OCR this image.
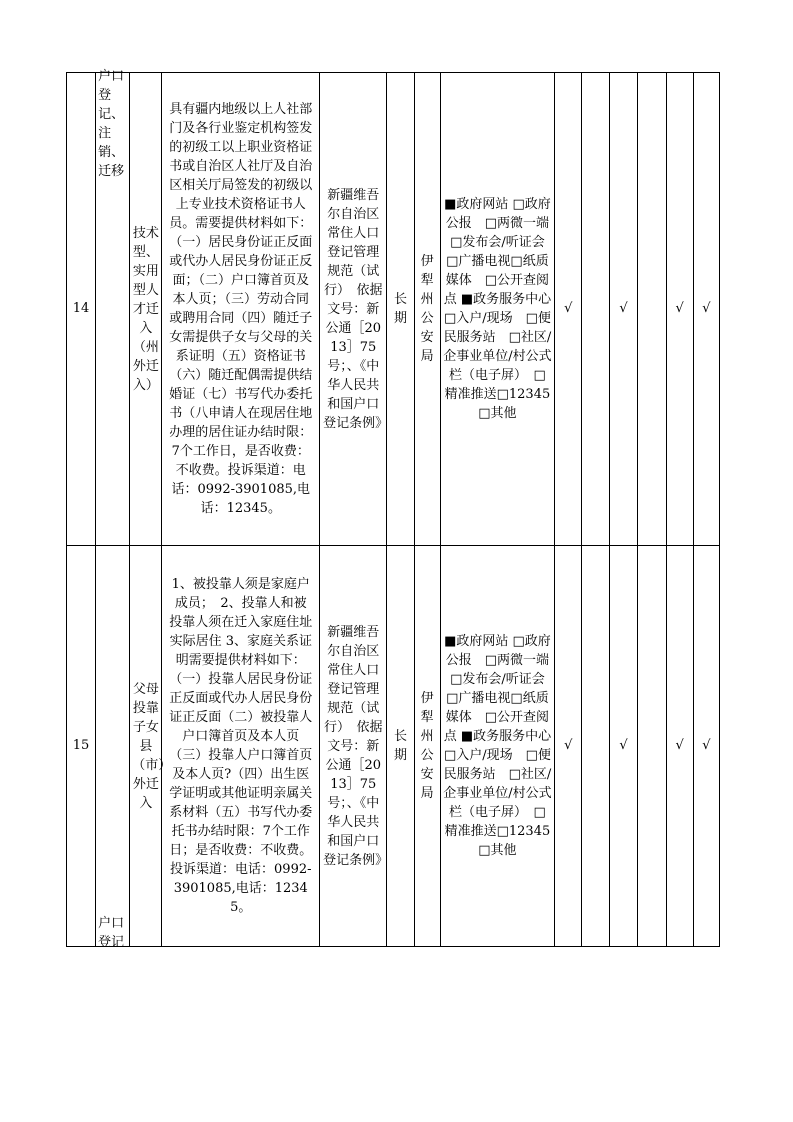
14	户口登记、注销、迁移	技术型、实用型人才迁入（州外迁入）	具有疆内地级以上人社部门及各行业鉴定机构签发的初级工以上职业资格证书或自治区人社厅及自治区相关厅局签发的初级以上专业技术资格证书人员。需要提供材料如下：（一）居民身份证正反面或代办人居民身份证正反面；（二）户口簿首页及本人页；（三）劳动合同或聘用合同（四）随迁子女需提供子女与父母的关系证明（五）资格证书（六）随迁配偶需提供结婚证（七）书写代办委托书（八申请人在现居住地办理的居住证办结时限：7个工作日，是否收费：不收费。投诉渠道：电话：0992-3901085,电话：12345。	新疆维吾尔自治区常住人口登记管理规范（试行）　依据文号：新公通［2013］75号；、《中华人民共和国户口登记条例》	长期	伊犁州公安局	■政府网站 □政府公报　□两微一端　□发布会/听证会　□广播电视□纸质媒体　□公开查阅点 ■政务服务中心　□入户/现场　□便民服务站　□社区/企事业单位/村公式栏（电子屏）　□精准推送□12345□其他	√		√		√	√
15	户口登记	父母投靠子女县（市）外迁入	1、被投靠人须是家庭户成员；　2、投靠人和被投靠人须在迁入家庭住址实际居住 3、家庭关系证明需要提供材料如下：（一）投靠人居民身份证正反面或代办人居民身份证正反面（二）被投靠人户口簿首页及本人页（三）投靠人户口簿首页及本人页?（四）出生医学证明或其他证明亲属关系材料（五）书写代办委托书办结时限：7个工作日；是否收费：不收费。投诉渠道：电话：0992-3901085,电话：12345。	新疆维吾尔自治区常住人口登记管理规范（试行）　依据文号：新公通［2013］75号；、《中华人民共和国户口登记条例》	长期	伊犁州公安局	■政府网站 □政府公报　□两微一端　□发布会/听证会　□广播电视□纸质媒体　□公开查阅点 ■政务服务中心　□入户/现场　□便民服务站　□社区/企事业单位/村公式栏（电子屏）　□精准推送□12345□其他	√		√		√	√
